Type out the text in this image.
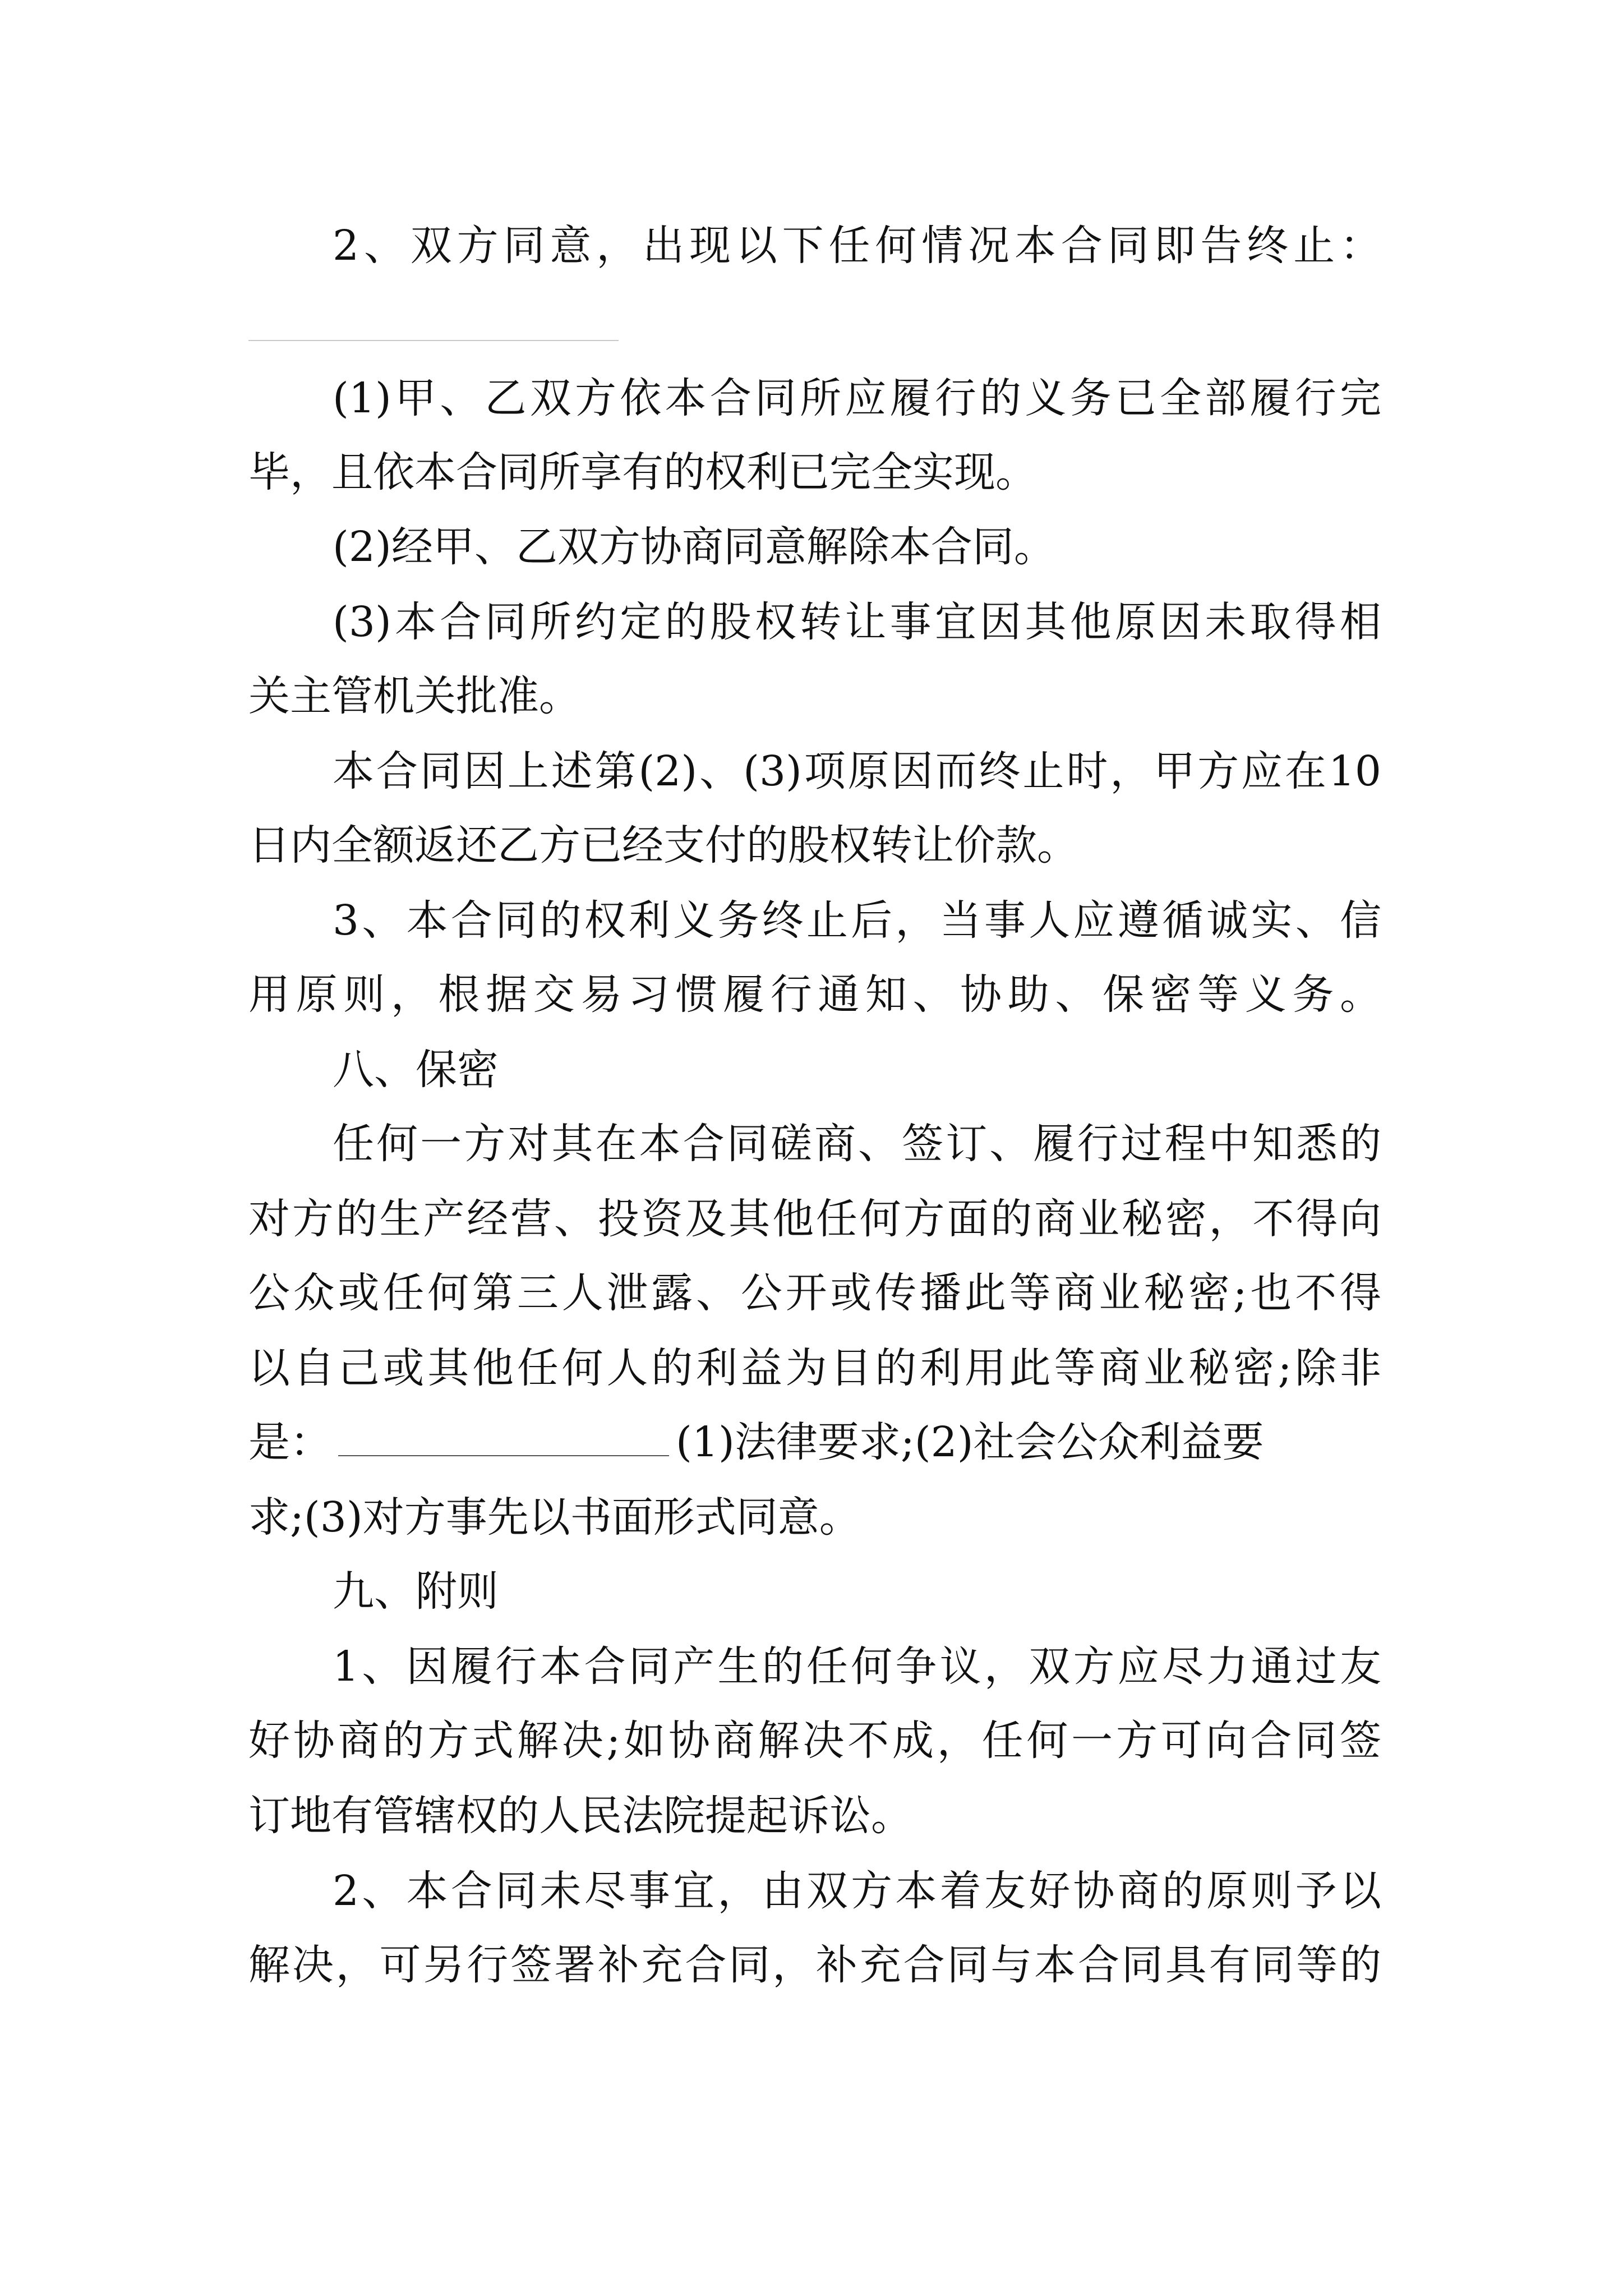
2、双方同意，出现以下任何情况本合同即告终止：
(1)甲、乙双方依本合同所应履行的义务已全部履行完
毕，且依本合同所享有的权利已完全实现。
(2)经甲、乙双方协商同意解除本合同。
(3)本合同所约定的股权转让事宜因其他原因未取得相
关主管机关批准。
本合同因上述第(2)、(3)项原因而终止时，甲方应在10
日内全额返还乙方已经支付的股权转让价款。
3、本合同的权利义务终止后，当事人应遵循诚实、信
用原则，根据交易习惯履行通知、协助、保密等义务。
八、保密
任何一方对其在本合同磋商、签订、履行过程中知悉的
对方的生产经营、投资及其他任何方面的商业秘密，不得向
公众或任何第三人泄露、公开或传播此等商业秘密;也不得
以自己或其他任何人的利益为目的利用此等商业秘密;除非
是：	(1)法律要求;(2)社会公众利益要
求;(3)对方事先以书面形式同意。
九、附则
1、因履行本合同产生的任何争议，双方应尽力通过友
好协商的方式解决;如协商解决不成，任何一方可向合同签
订地有管辖权的人民法院提起诉讼。
2、本合同未尽事宜，由双方本着友好协商的原则予以
解决，可另行签署补充合同，补充合同与本合同具有同等的
